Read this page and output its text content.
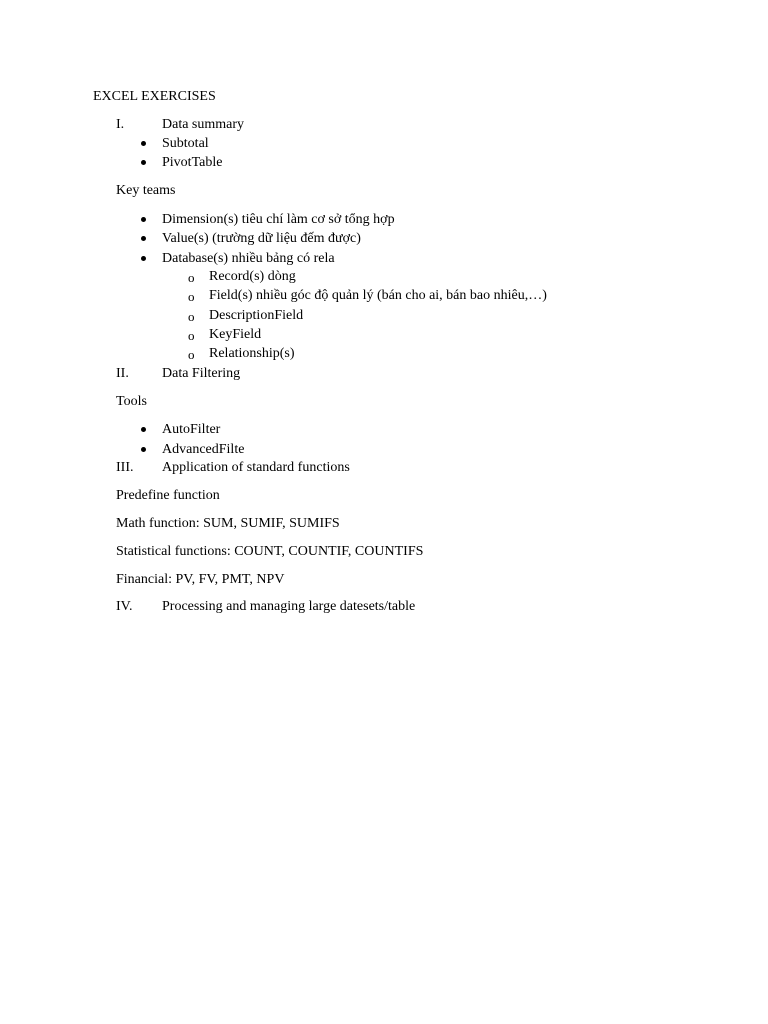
EXCEL EXERCISES
I.	Data summary
Subtotal
PivotTable
Key teams
Dimension(s) tiêu chí làm cơ sở tổng hợp
Value(s) (trường dữ liệu đếm được)
Database(s) nhiều bảng có rela
o Record(s) dòng
o Field(s) nhiều góc độ quản lý (bán cho ai, bán bao nhiêu,…)
o DescriptionField
o KeyField
o Relationship(s)
II. Data Filtering
Tools
AutoFilter
AdvancedFilte
III. Application of standard functions
Predefine function
Math function: SUM, SUMIF, SUMIFS
Statistical functions: COUNT, COUNTIF, COUNTIFS
Financial: PV, FV, PMT, NPV
IV. Processing and managing large datesets/table
